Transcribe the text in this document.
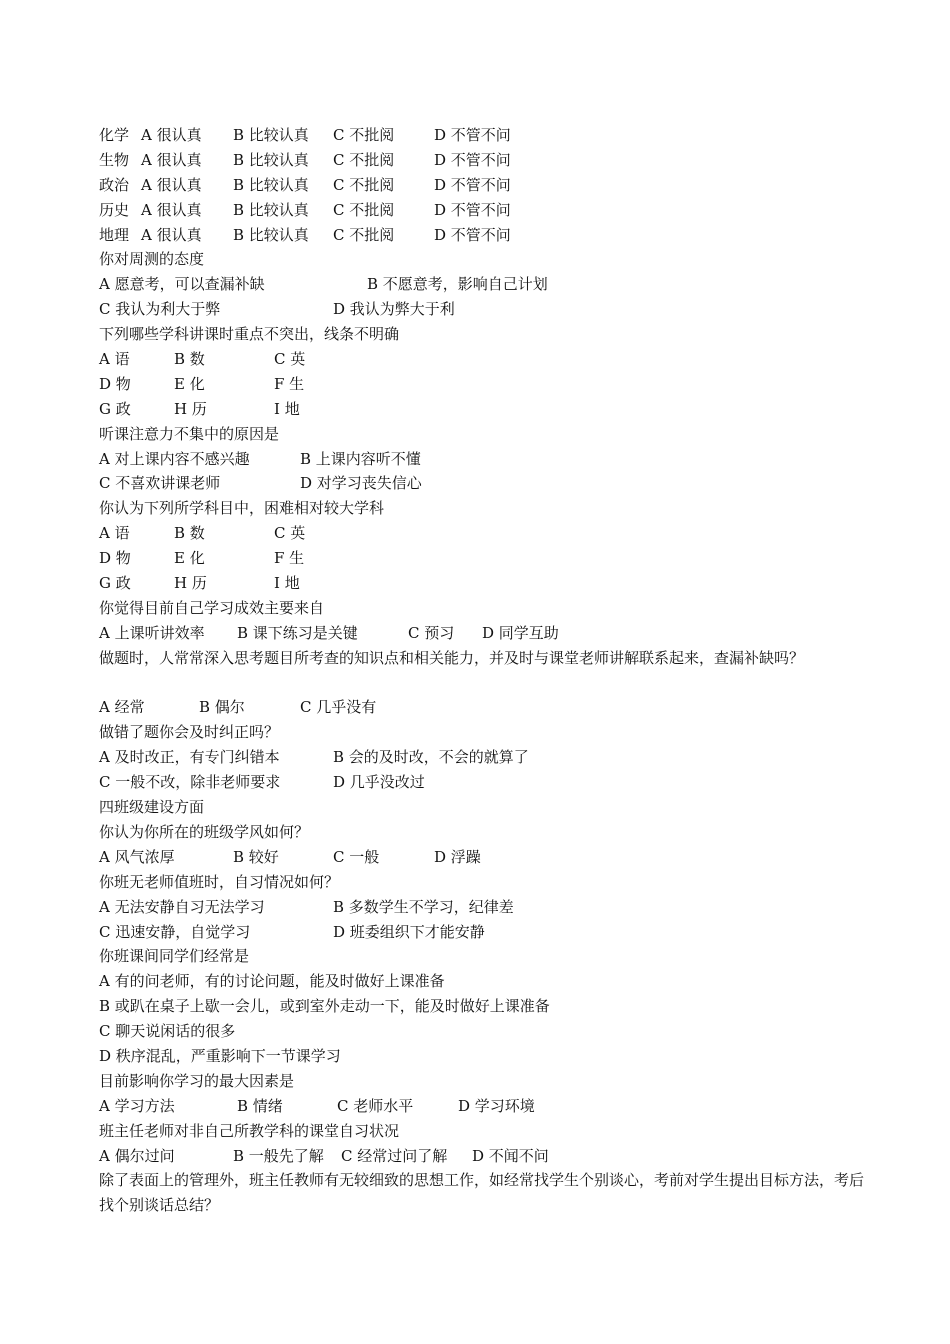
化学 A 很认真 B 比较认真 C 不批阅	D 不管不问
生物 A 很认真 B 比较认真 C 不批阅	D 不管不问
政治 A 很认真 B 比较认真 C 不批阅	D 不管不问
历史 A 很认真 B 比较认真 C 不批阅	D 不管不问
地理 A 很认真 B 比较认真 C 不批阅	D 不管不问
你对周测的态度
A 愿意考，可以查漏补缺	B 不愿意考，影响自己计划
C 我认为利大于弊	D 我认为弊大于利
下列哪些学科讲课时重点不突出，线条不明确
A 语	B 数	C 英
D 物	E 化	F 生
G 政	H 历	I 地
听课注意力不集中的原因是
A 对上课内容不感兴趣	B 上课内容听不懂
C 不喜欢讲课老师	D 对学习丧失信心
你认为下列所学科目中，困难相对较大学科
A 语	B 数	C 英
D 物	E 化	F 生
G 政	H 历	I 地
你觉得目前自己学习成效主要来自
A 上课听讲效率 B 课下练习是关键	C 预习 D 同学互助
做题时，人常常深入思考题目所考查的知识点和相关能力，并及时与课堂老师讲解联系起来，查漏补缺吗？
A 经常	B 偶尔	C 几乎没有
做错了题你会及时纠正吗？
A 及时改正，有专门纠错本	B 会的及时改，不会的就算了
C 一般不改，除非老师要求	D 几乎没改过
四班级建设方面
你认为你所在的班级学风如何？
A 风气浓厚	B 较好	C 一般	D 浮躁
你班无老师值班时，自习情况如何？
A 无法安静自习无法学习	B 多数学生不学习，纪律差
C 迅速安静，自觉学习	D 班委组织下才能安静
你班课间同学们经常是
A 有的问老师，有的讨论问题，能及时做好上课准备
B 或趴在桌子上歇一会儿，或到室外走动一下，能及时做好上课准备
C 聊天说闲话的很多
D 秩序混乱，严重影响下一节课学习
目前影响你学习的最大因素是
A 学习方法	B 情绪	C 老师水平	D 学习环境
班主任老师对非自己所教学科的课堂自习状况
A 偶尔过问	B 一般先了解 C 经常过问了解 D 不闻不问
除了表面上的管理外，班主任教师有无较细致的思想工作，如经常找学生个别谈心，考前对学生提出目标方法，考后找个别谈话总结？
